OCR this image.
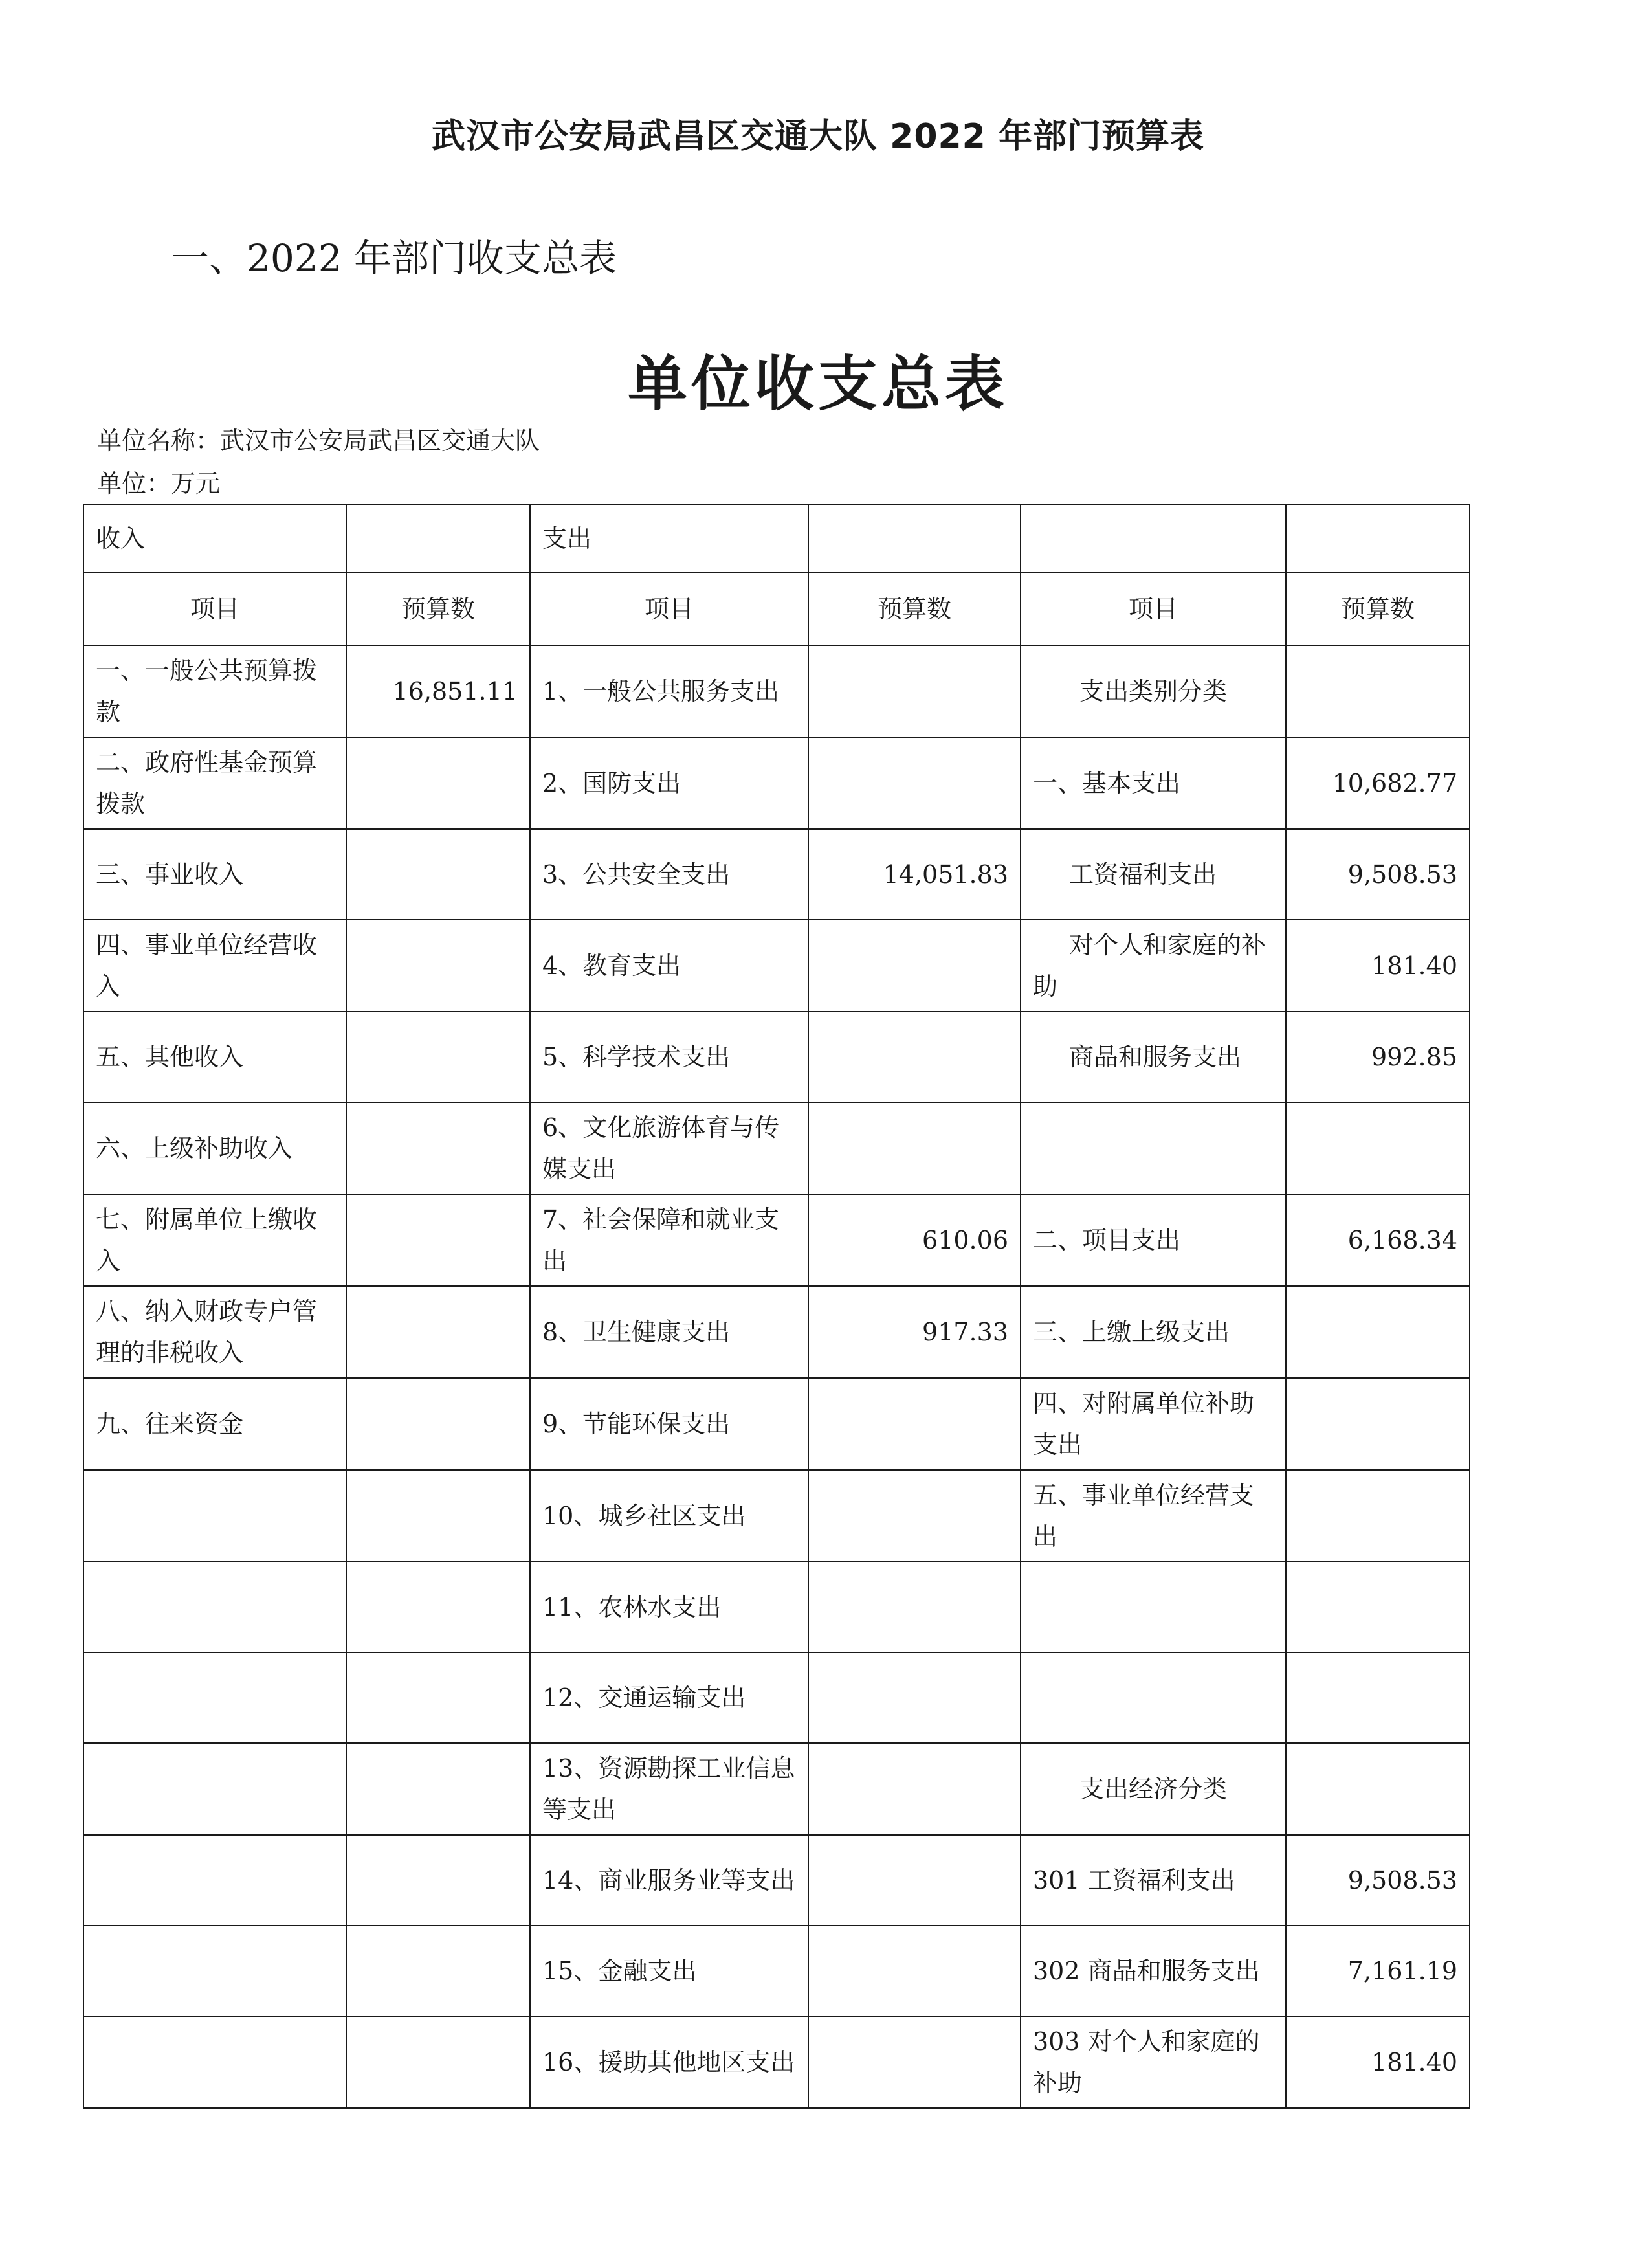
武汉市公安局武昌区交通大队 2022 年部门预算表
一、2022 年部门收支总表
单位收支总表
单位名称：武汉市公安局武昌区交通大队
单位：万元
收入		支出			
项目	预算数	项目	预算数	项目	预算数
一、一般公共预算拨款	16,851.11	1、一般公共服务支出		支出类别分类	
二、政府性基金预算拨款		2、国防支出		一、基本支出	10,682.77
三、事业收入		3、公共安全支出	14,051.83	工资福利支出	9,508.53
四、事业单位经营收入		4、教育支出		对个人和家庭的补助	181.40
五、其他收入		5、科学技术支出		商品和服务支出	992.85
六、上级补助收入		6、文化旅游体育与传媒支出			
七、附属单位上缴收入		7、社会保障和就业支出	610.06	二、项目支出	6,168.34
八、纳入财政专户管理的非税收入		8、卫生健康支出	917.33	三、上缴上级支出	
九、往来资金		9、节能环保支出		四、对附属单位补助支出	
		10、城乡社区支出		五、事业单位经营支出	
		11、农林水支出			
		12、交通运输支出			
		13、资源勘探工业信息等支出		支出经济分类	
		14、商业服务业等支出		301 工资福利支出	9,508.53
		15、金融支出		302 商品和服务支出	7,161.19
		16、援助其他地区支出		303 对个人和家庭的补助	181.40
